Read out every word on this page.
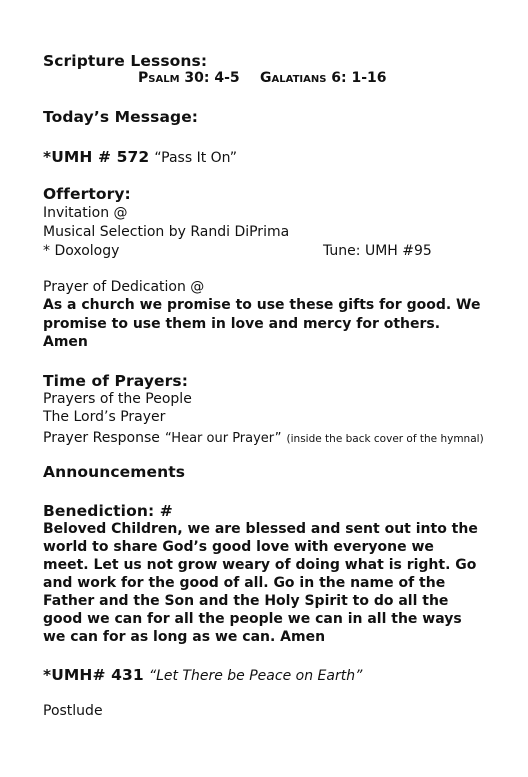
Scripture Lessons:
Psalm 30: 4-5 Galatians 6: 1-16
Today’s Message:
*UMH # 572 “Pass It On”
Offertory:
Invitation @
Musical Selection by Randi DiPrima
* Doxology	Tune: UMH #95
Prayer of Dedication @
As a church we promise to use these gifts for good. We
promise to use them in love and mercy for others.
Amen
Time of Prayers:
Prayers of the People
The Lord’s Prayer
Prayer Response “Hear our Prayer” (inside the back cover of the hymnal)
Announcements
Benediction: #
Beloved Children, we are blessed and sent out into the
world to share God’s good love with everyone we
meet. Let us not grow weary of doing what is right. Go
and work for the good of all. Go in the name of the
Father and the Son and the Holy Spirit to do all the
good we can for all the people we can in all the ways
we can for as long as we can. Amen
*UMH# 431 “Let There be Peace on Earth”
Postlude
